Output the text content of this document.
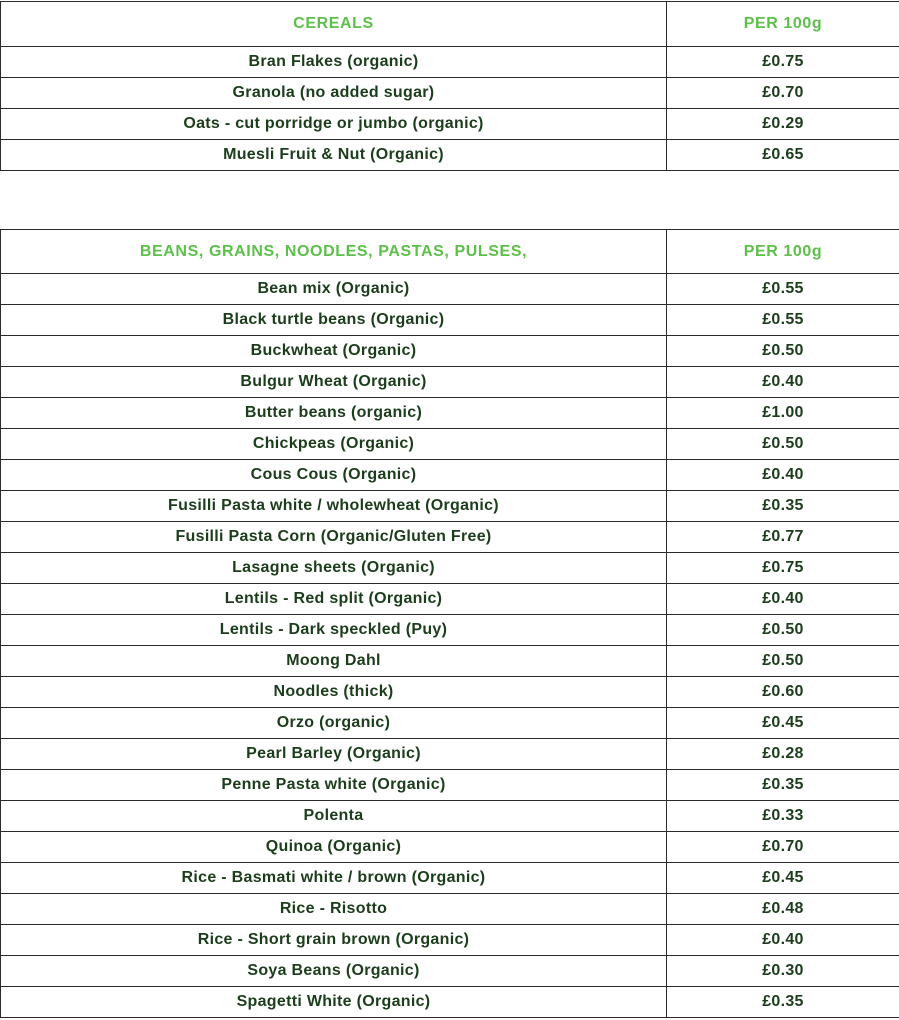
CEREALS	PER 100g
Bran Flakes (organic)	£0.75
Granola (no added sugar)	£0.70
Oats - cut porridge or jumbo (organic)	£0.29
Muesli Fruit & Nut (Organic)	£0.65
BEANS, GRAINS, NOODLES, PASTAS, PULSES,	PER 100g
Bean mix (Organic)	£0.55
Black turtle beans (Organic)	£0.55
Buckwheat (Organic)	£0.50
Bulgur Wheat (Organic)	£0.40
Butter beans (organic)	£1.00
Chickpeas (Organic)	£0.50
Cous Cous (Organic)	£0.40
Fusilli Pasta white / wholewheat (Organic)	£0.35
Fusilli Pasta Corn (Organic/Gluten Free)	£0.77
Lasagne sheets (Organic)	£0.75
Lentils - Red split (Organic)	£0.40
Lentils - Dark speckled (Puy)	£0.50
Moong Dahl	£0.50
Noodles (thick)	£0.60
Orzo (organic)	£0.45
Pearl Barley (Organic)	£0.28
Penne Pasta white (Organic)	£0.35
Polenta	£0.33
Quinoa (Organic)	£0.70
Rice - Basmati white / brown (Organic)	£0.45
Rice - Risotto	£0.48
Rice - Short grain brown (Organic)	£0.40
Soya Beans (Organic)	£0.30
Spagetti White (Organic)	£0.35
